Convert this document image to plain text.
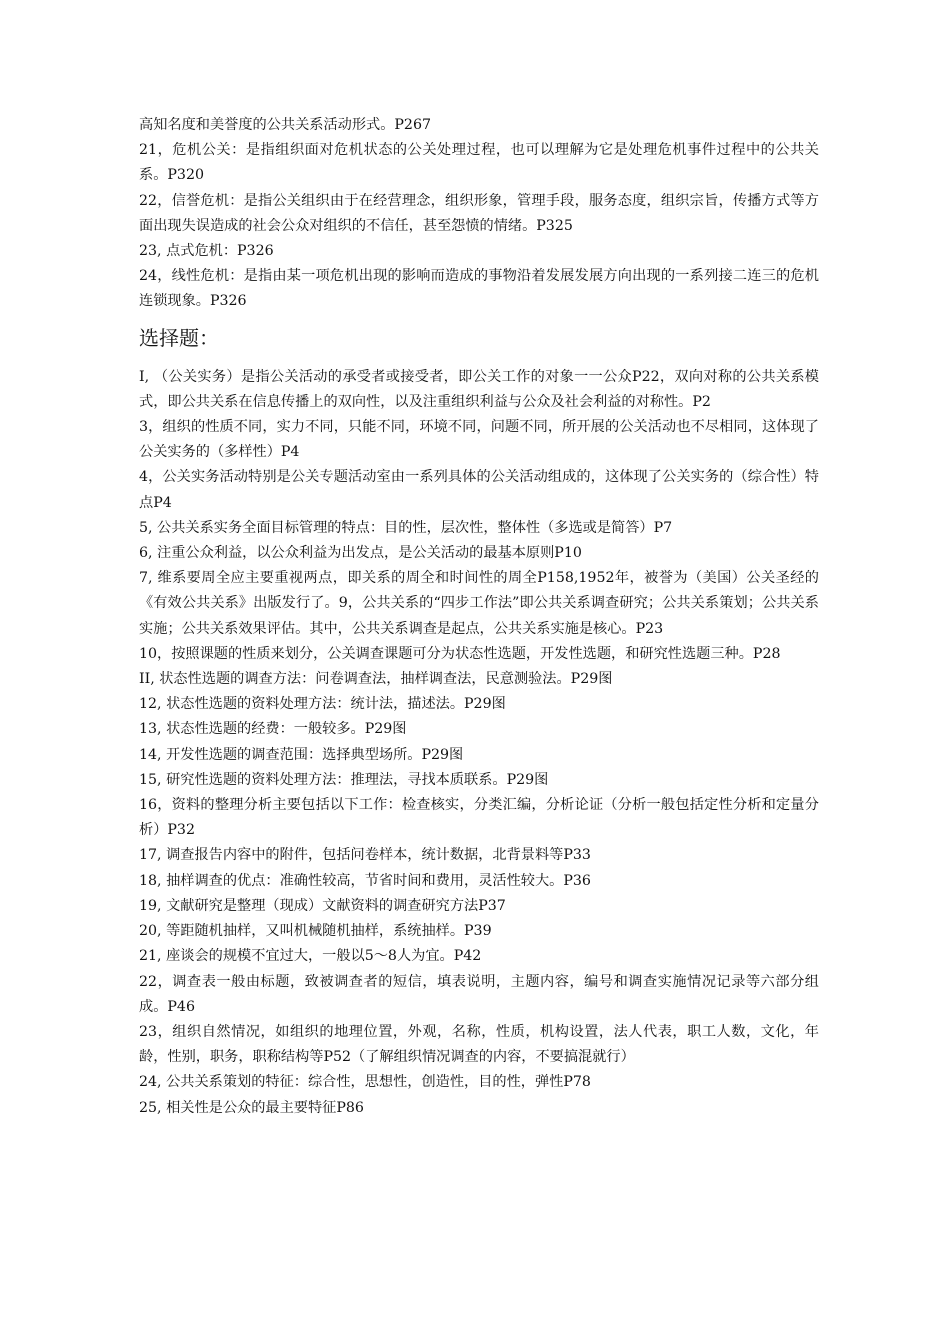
高知名度和美誉度的公共关系活动形式。P267

21，危机公关：是指组织面对危机状态的公关处理过程，也可以理解为它是处理危机事件过程中的公共关系。P320

22，信誉危机：是指公关组织由于在经营理念，组织形象，管理手段，服务态度，组织宗旨，传播方式等方面出现失误造成的社会公众对组织的不信任，甚至怨愤的情绪。P325

23, 点式危机：P326

24，线性危机：是指由某一项危机出现的影响而造成的事物沿着发展发展方向出现的一系列接二连三的危机连锁现象。P326

选择题：

I, （公关实务）是指公关活动的承受者或接受者，即公关工作的对象一一公众P22，双向对称的公共关系模式，即公共关系在信息传播上的双向性，以及注重组织利益与公众及社会利益的对称性。P2

3，组织的性质不同，实力不同，只能不同，环境不同，问题不同，所开展的公关活动也不尽相同，这体现了公关实务的（多样性）P4

4，公关实务活动特别是公关专题活动室由一系列具体的公关活动组成的，这体现了公关实务的（综合性）特点P4

5, 公共关系实务全面目标管理的特点：目的性，层次性，整体性（多选或是简答）P7

6, 注重公众利益，以公众利益为出发点，是公关活动的最基本原则P10

7, 维系要周全应主要重视两点，即关系的周全和时间性的周全P158,1952年，被誉为（美国）公关圣经的《有效公共关系》出版发行了。9，公共关系的“四步工作法”即公共关系调查研究；公共关系策划；公共关系实施；公共关系效果评估。其中，公共关系调查是起点，公共关系实施是核心。P23

10，按照课题的性质来划分，公关调查课题可分为状态性选题，开发性选题，和研究性选题三种。P28

II, 状态性选题的调查方法：问卷调查法，抽样调查法，民意测验法。P29图

12, 状态性选题的资料处理方法：统计法，描述法。P29图

13, 状态性选题的经费：一般较多。P29图

14, 开发性选题的调查范围：选择典型场所。P29图

15, 研究性选题的资料处理方法：推理法，寻找本质联系。P29图

16，资料的整理分析主要包括以下工作：检查核实，分类汇编，分析论证（分析一般包括定性分析和定量分析）P32

17, 调查报告内容中的附件，包括问卷样本，统计数据，北背景料等P33

18, 抽样调查的优点：准确性较高，节省时间和费用，灵活性较大。P36

19, 文献研究是整理（现成）文献资料的调查研究方法P37

20, 等距随机抽样，又叫机械随机抽样，系统抽样。P39

21, 座谈会的规模不宜过大，一般以5〜8人为宜。P42

22，调查表一般由标题，致被调查者的短信，填表说明，主题内容，编号和调查实施情况记录等六部分组成。P46

23，组织自然情况，如组织的地理位置，外观，名称，性质，机构设置，法人代表，职工人数，文化，年龄，性别，职务，职称结构等P52（了解组织情况调查的内容，不要搞混就行）

24, 公共关系策划的特征：综合性，思想性，创造性，目的性，弹性P78

25, 相关性是公众的最主要特征P86
